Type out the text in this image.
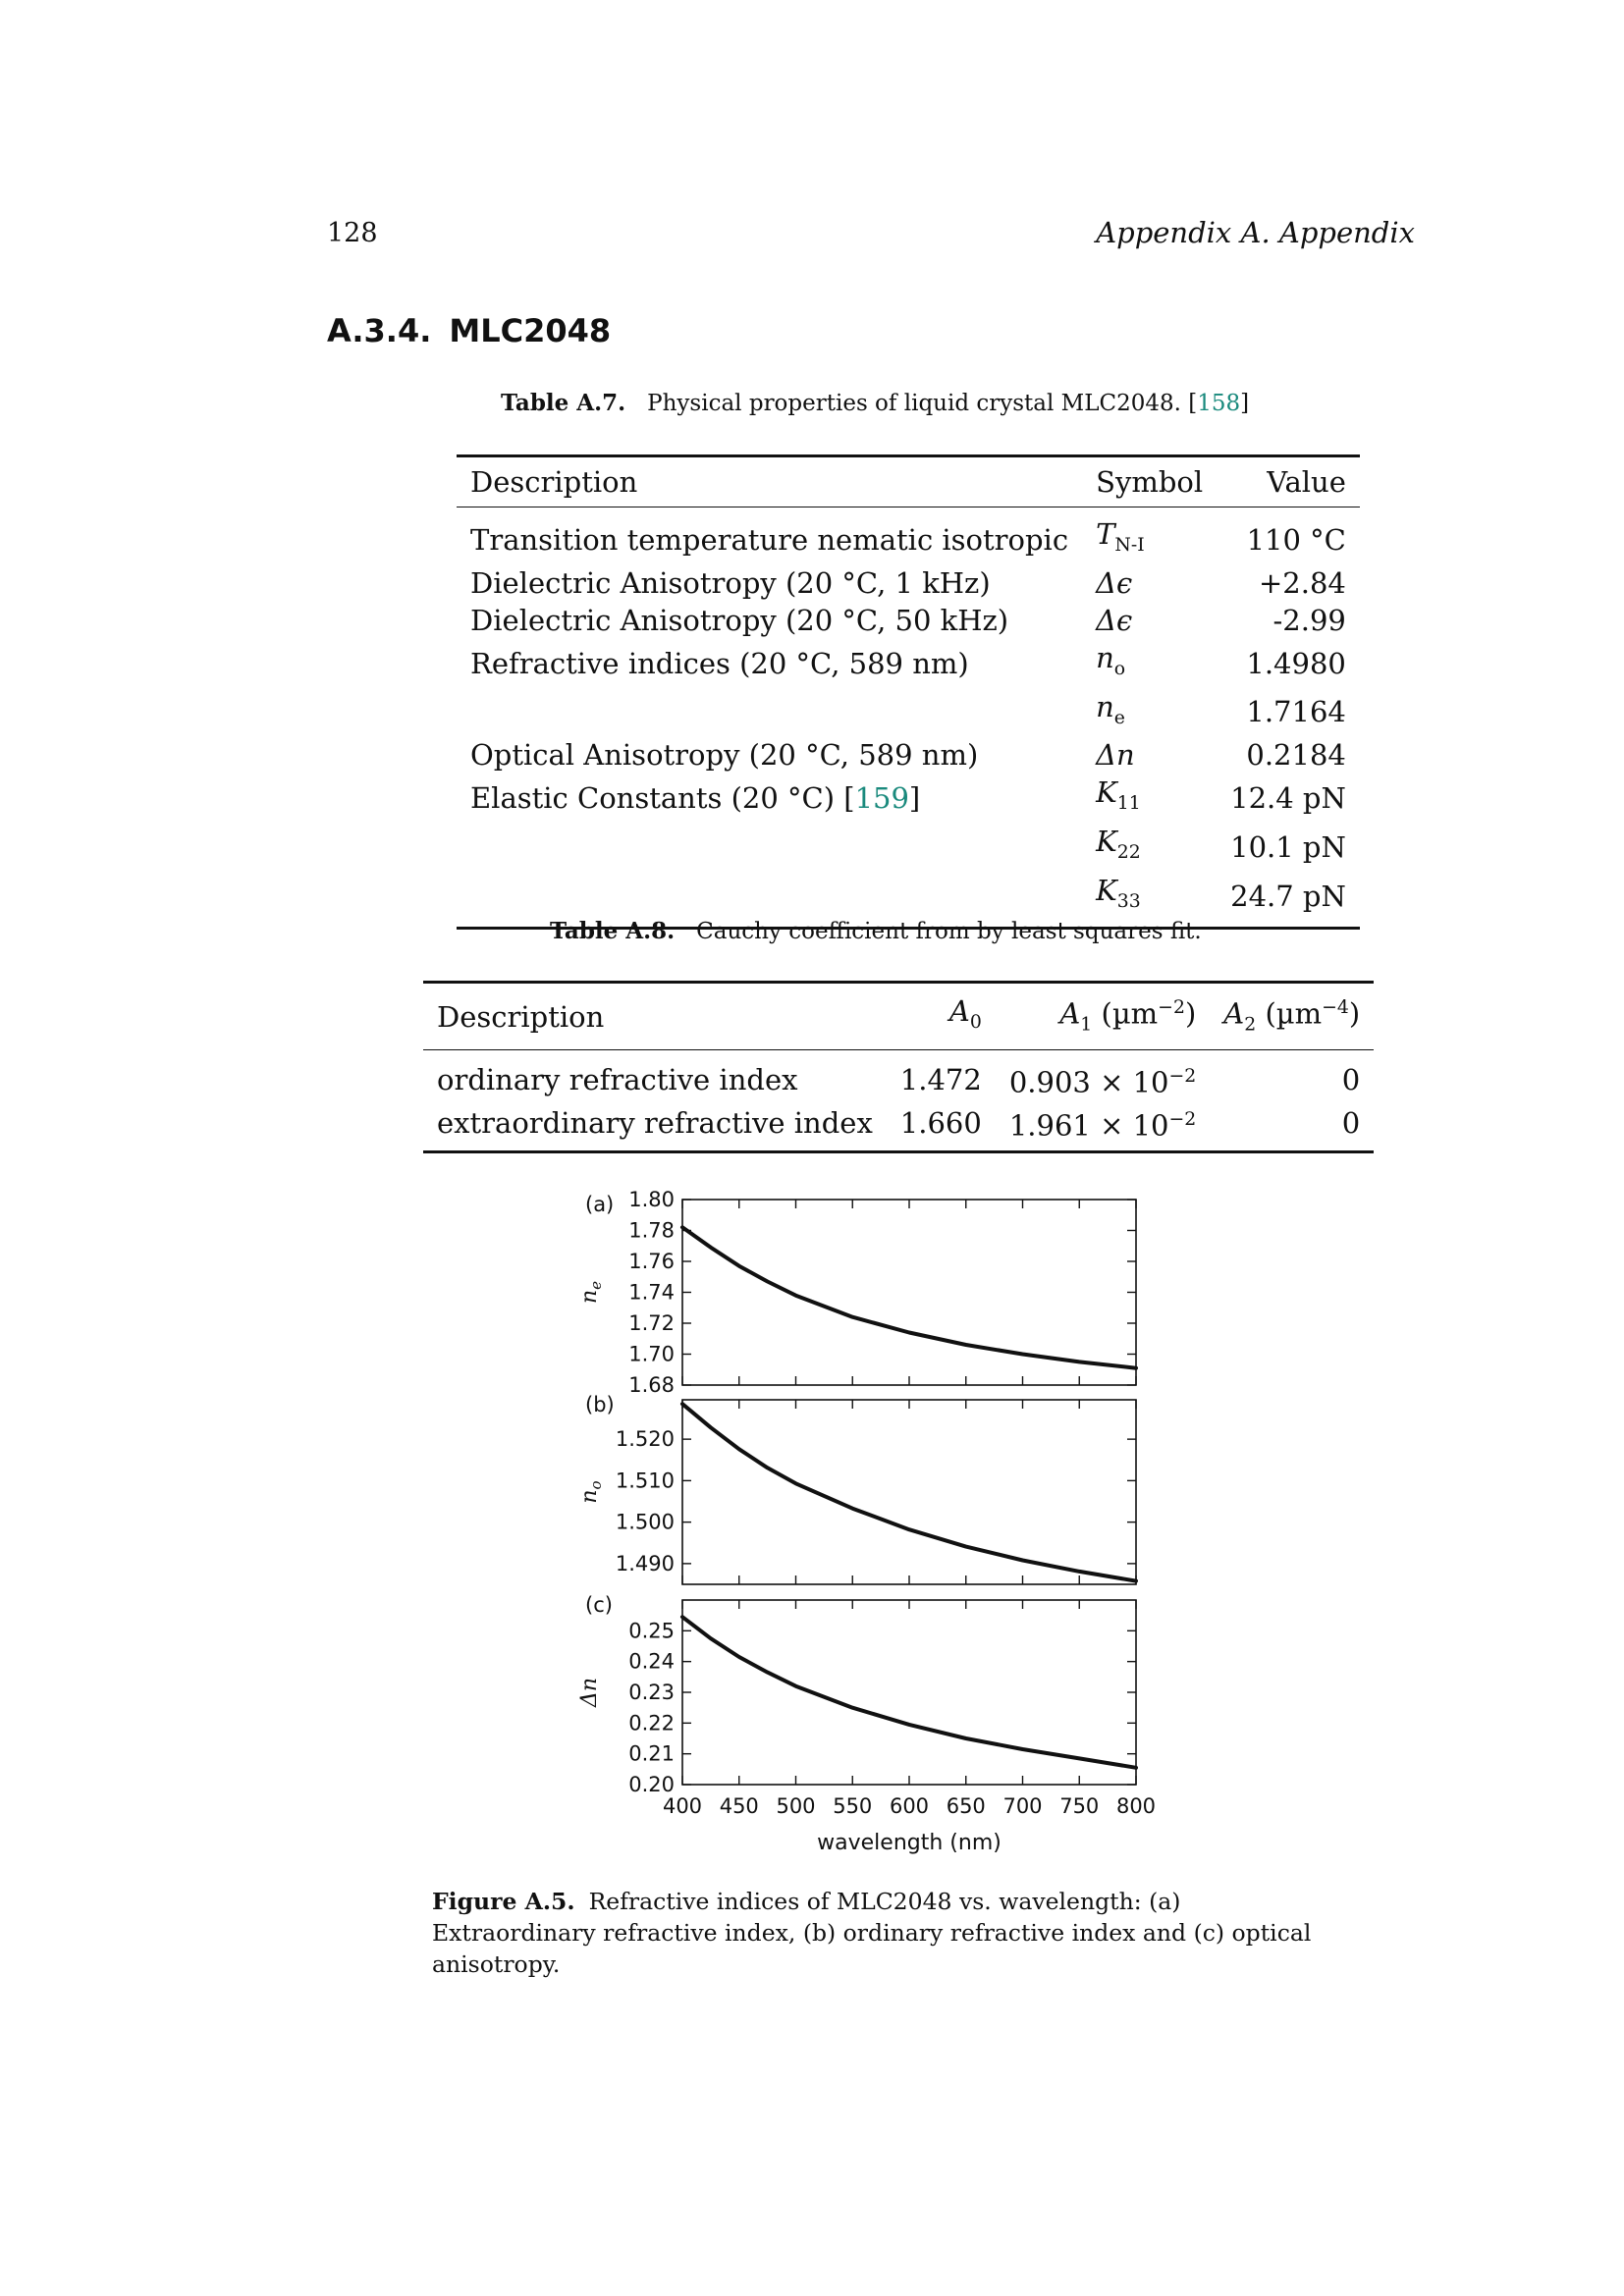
128	Appendix A. Appendix
A.3.4. MLC2048
Table A.7. Physical properties of liquid crystal MLC2048. [158]
Description	Symbol	Value
Transition temperature nematic isotropic	$T_{N-I}$	110 °C
Dielectric Anisotropy (20 °C, 1 kHz)	Δϵ	+2.84
Dielectric Anisotropy (20 °C, 50 kHz)	Δϵ	-2.99
Refractive indices (20 °C, 589 nm)	$n_o$	1.4980
	$n_e$	1.7164
Optical Anisotropy (20 °C, 589 nm)	Δn	0.2184
Elastic Constants (20 °C) [159]	$K_{11}$	12.4 pN
	$K_{22}$	10.1 pN
	$K_{33}$	24.7 pN
Table A.8. Cauchy coefficient from by least squares fit.
Description	$A_0$	$A_1$ (µm$^{-2}$)	$A_2$ (µm$^{-4}$)
ordinary refractive index	1.472	$0.903 \times 10^{-2}$	0
extraordinary refractive index	1.660	$1.961 \times 10^{-2}$	0
1.68
1.70
1.72
1.74
1.76
1.78
1.80
(a)
$n_e$
1.490
1.500
1.510
1.520
(b)
$n_o$
0.20
0.21
0.22
0.23
0.24
0.25
(c)
Δn
400 450 500 550 600 650 700 750 800
wavelength (nm)
Figure A.5. Refractive indices of MLC2048 vs. wavelength: (a) Extraordinary refractive index, (b) ordinary refractive index and (c) optical anisotropy.
